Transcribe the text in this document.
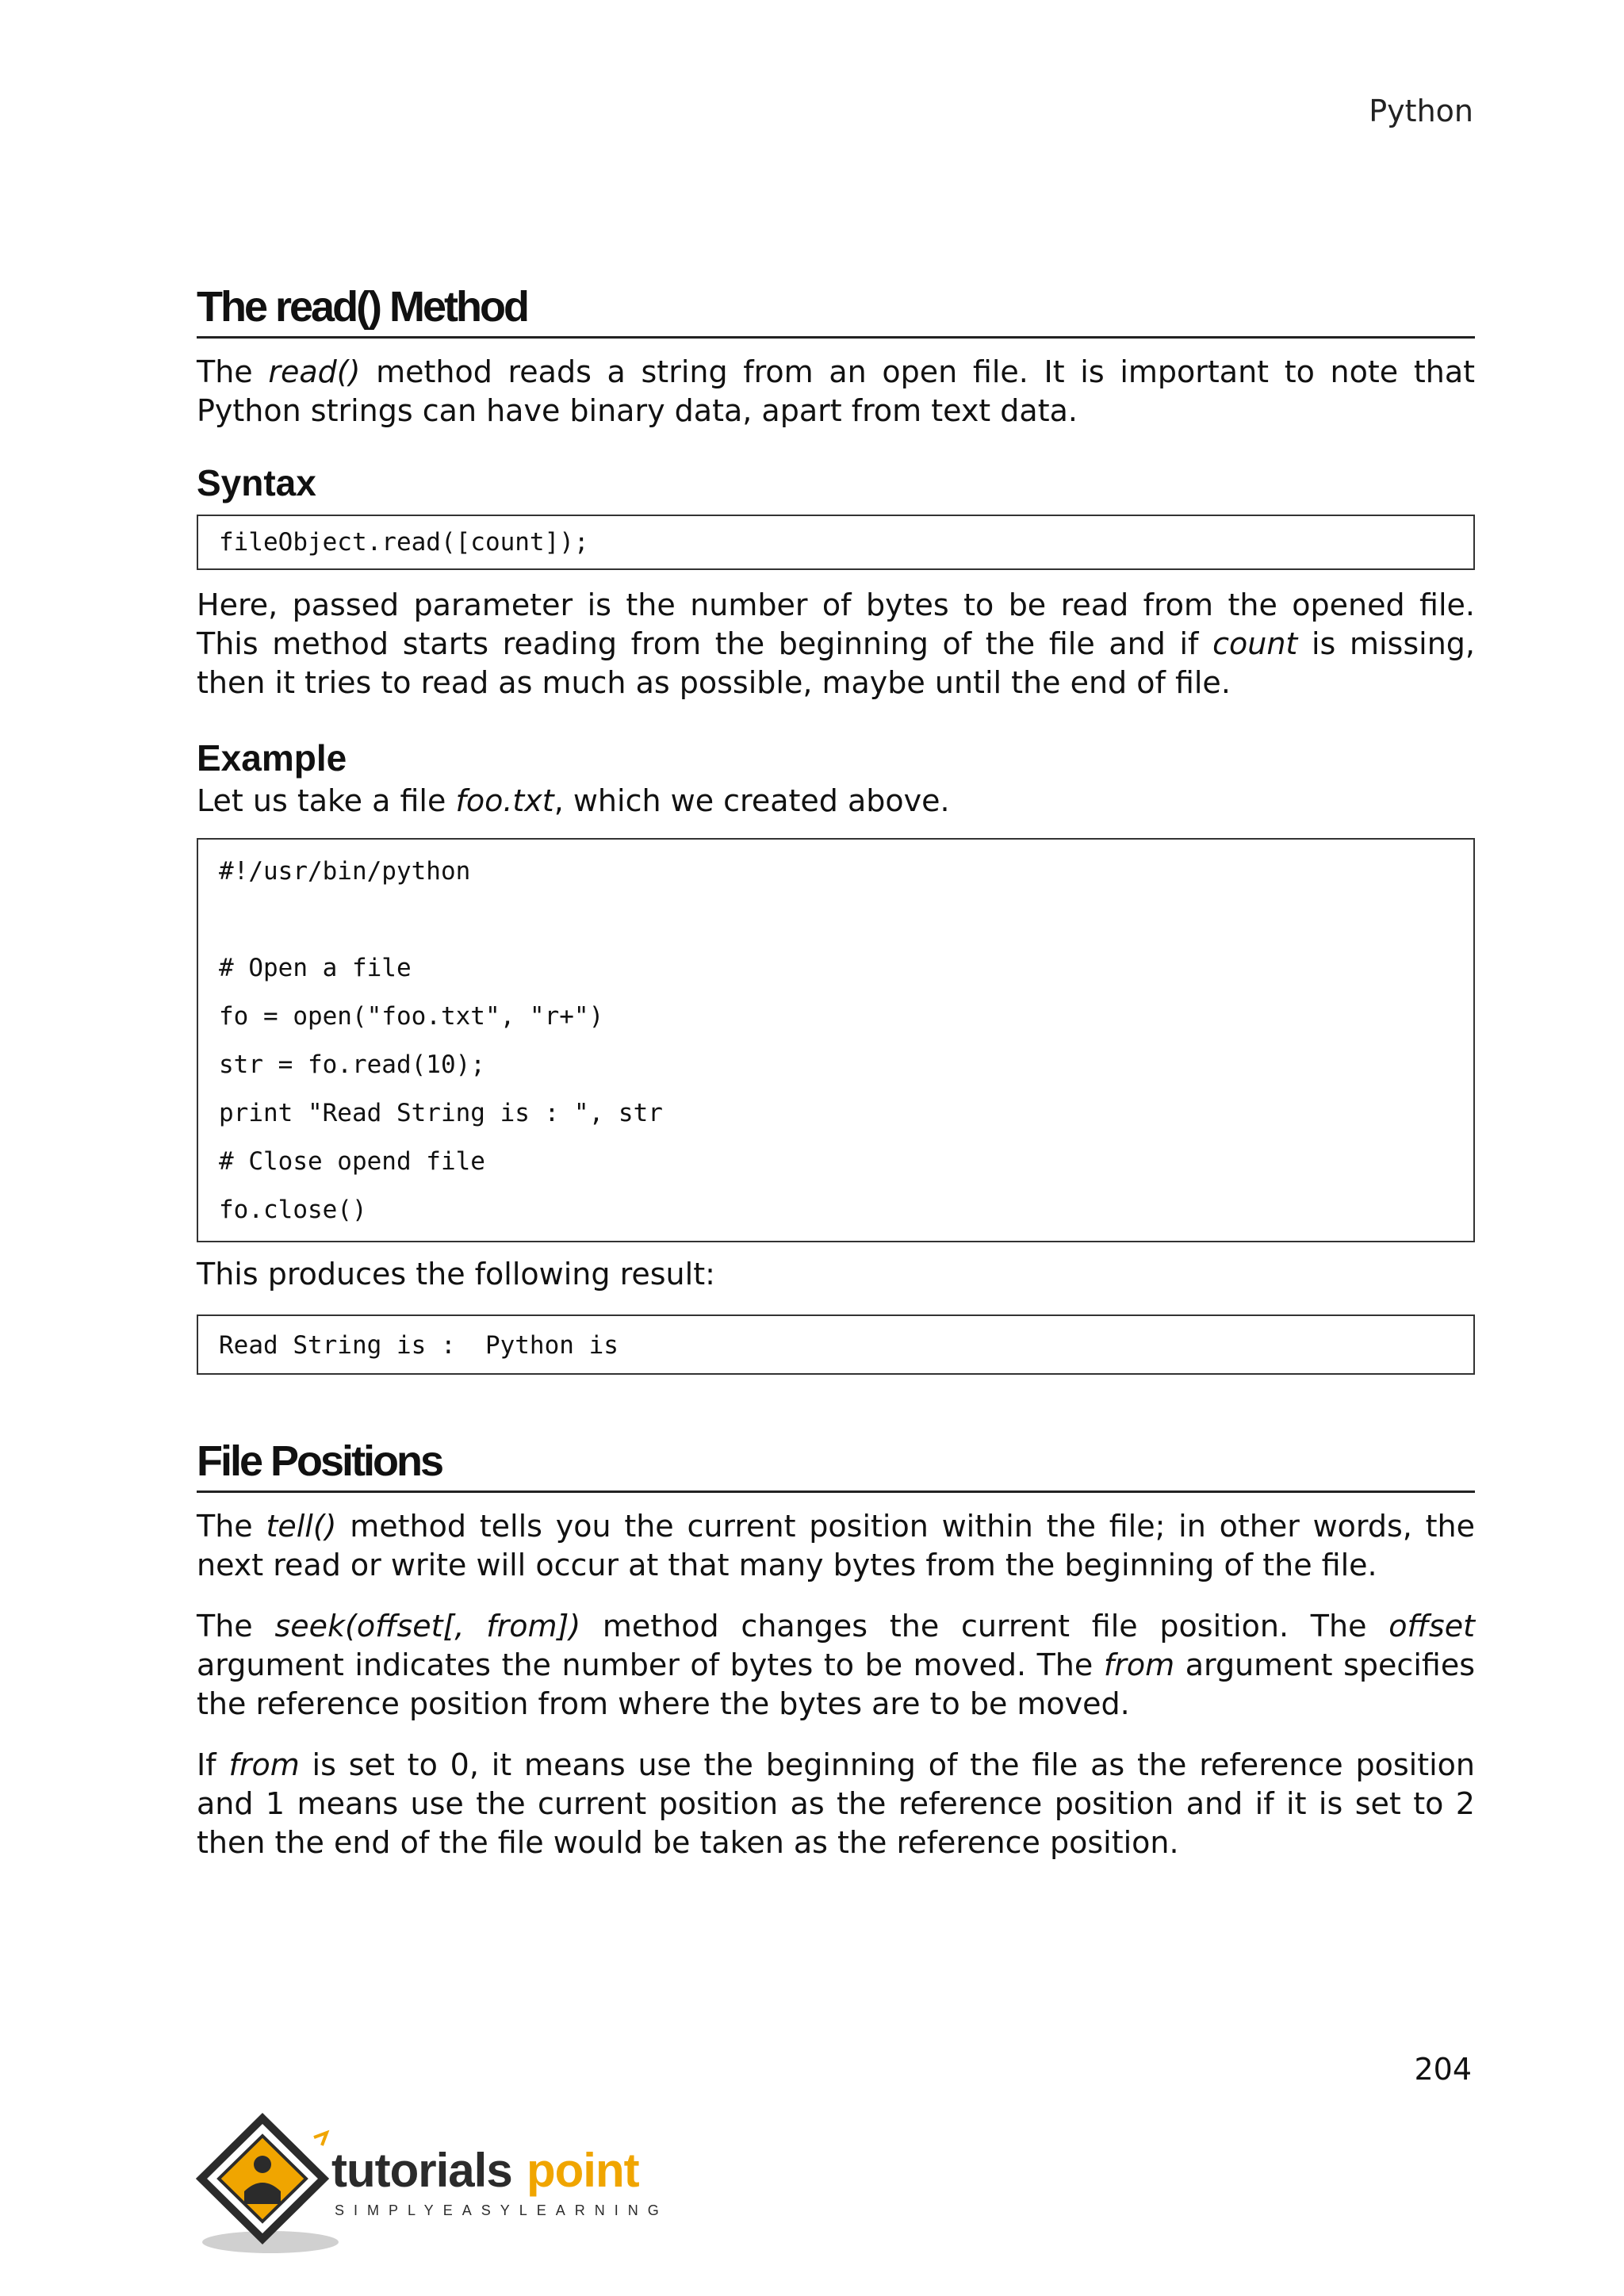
Python
The read() Method

The read() method reads a string from an open file. It is important to note that Python strings can have binary data, apart from text data.

Syntax
fileObject.read([count]);

Here, passed parameter is the number of bytes to be read from the opened file. This method starts reading from the beginning of the file and if count is missing, then it tries to read as much as possible, maybe until the end of file.

Example

Let us take a file foo.txt, which we created above.

#!/usr/bin/python
# Open a file
fo = open("foo.txt", "r+")
str = fo.read(10);
print "Read String is : ", str
# Close opend file
fo.close()

This produces the following result:

Read String is :  Python is
File Positions

The tell() method tells you the current position within the file; in other words, the next read or write will occur at that many bytes from the beginning of the file.

The seek(offset[, from]) method changes the current file position. The offset argument indicates the number of bytes to be moved. The from argument specifies the reference position from where the bytes are to be moved.

If from is set to 0, it means use the beginning of the file as the reference position and 1 means use the current position as the reference position and if it is set to 2 then the end of the file would be taken as the reference position.

204
tutorials point
SIMPLYEASYLEARNING
